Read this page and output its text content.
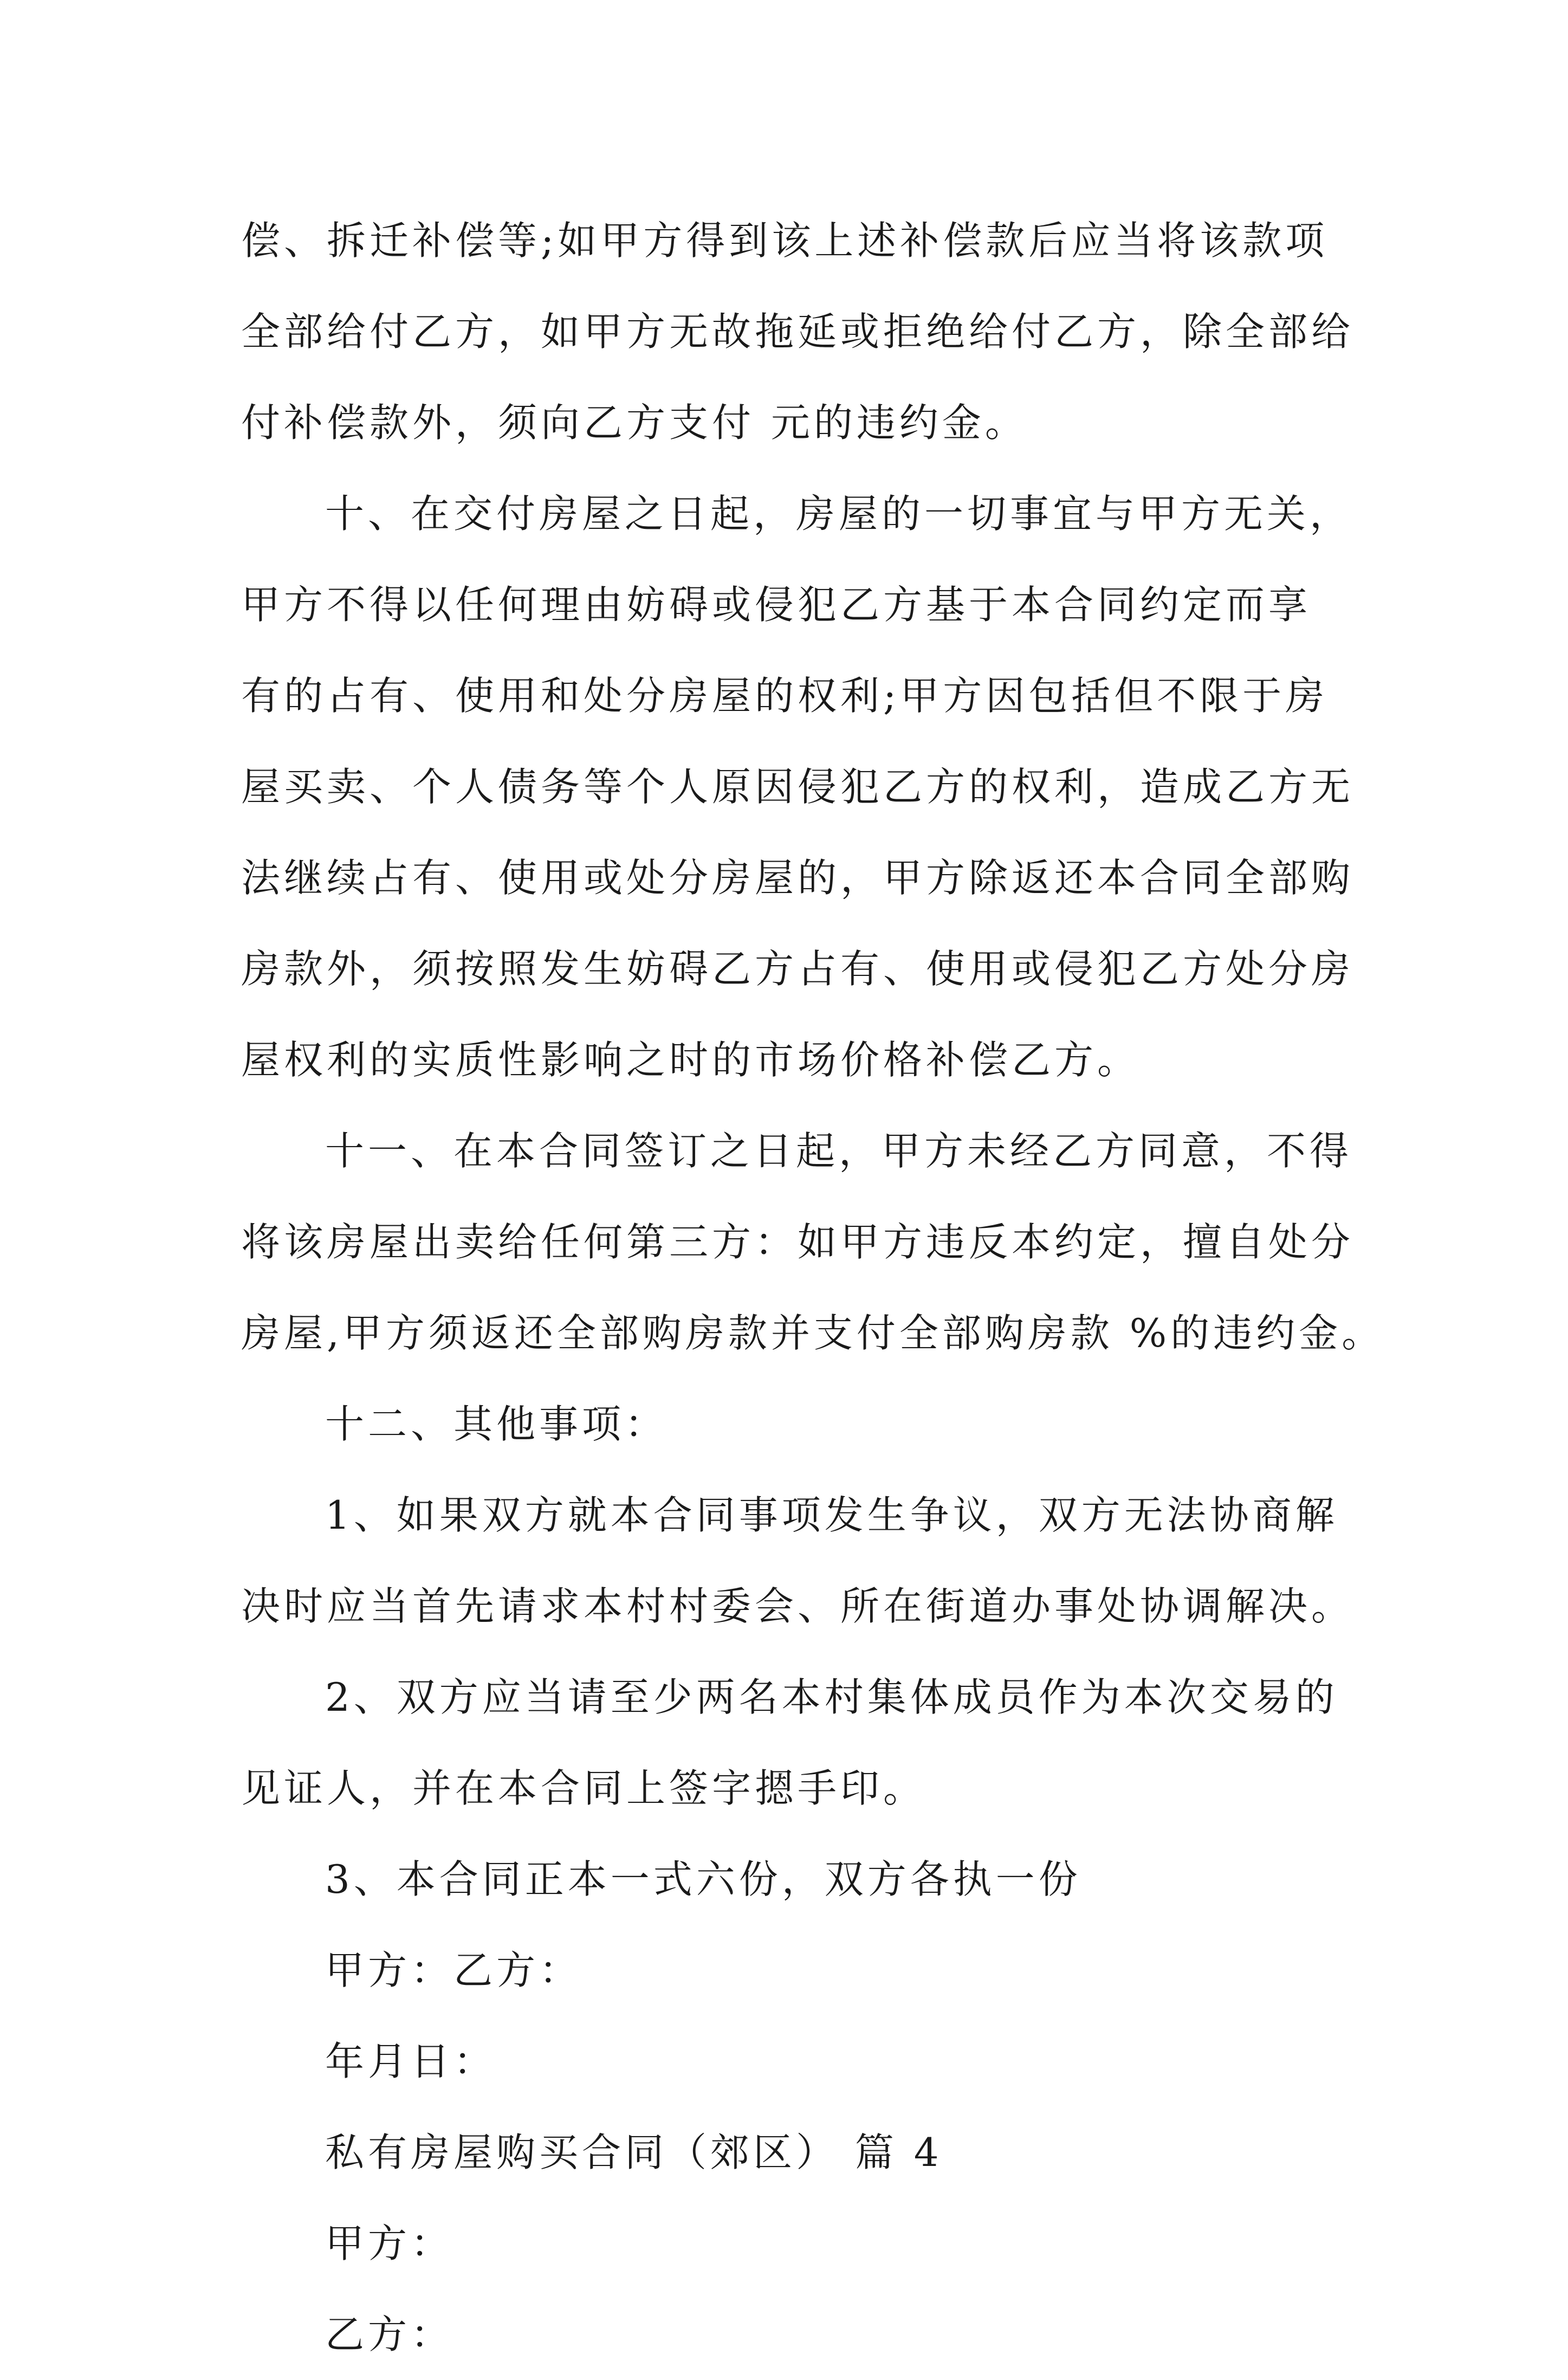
偿、拆迁补偿等;如甲方得到该上述补偿款后应当将该款项
全部给付乙方，如甲方无故拖延或拒绝给付乙方，除全部给
付补偿款外，须向乙方支付 元的违约金。
十、在交付房屋之日起，房屋的一切事宜与甲方无关，
甲方不得以任何理由妨碍或侵犯乙方基于本合同约定而享
有的占有、使用和处分房屋的权利;甲方因包括但不限于房
屋买卖、个人债务等个人原因侵犯乙方的权利，造成乙方无
法继续占有、使用或处分房屋的，甲方除返还本合同全部购
房款外，须按照发生妨碍乙方占有、使用或侵犯乙方处分房
屋权利的实质性影响之时的市场价格补偿乙方。
十一、在本合同签订之日起，甲方未经乙方同意，不得
将该房屋出卖给任何第三方：如甲方违反本约定，擅自处分
房屋,甲方须返还全部购房款并支付全部购房款 %的违约金。
十二、其他事项：
1、如果双方就本合同事项发生争议，双方无法协商解
决时应当首先请求本村村委会、所在街道办事处协调解决。
2、双方应当请至少两名本村集体成员作为本次交易的
见证人，并在本合同上签字摁手印。
3、本合同正本一式六份，双方各执一份
甲方：乙方：
年月日：
私有房屋购买合同（郊区） 篇 4
甲方：
乙方：
